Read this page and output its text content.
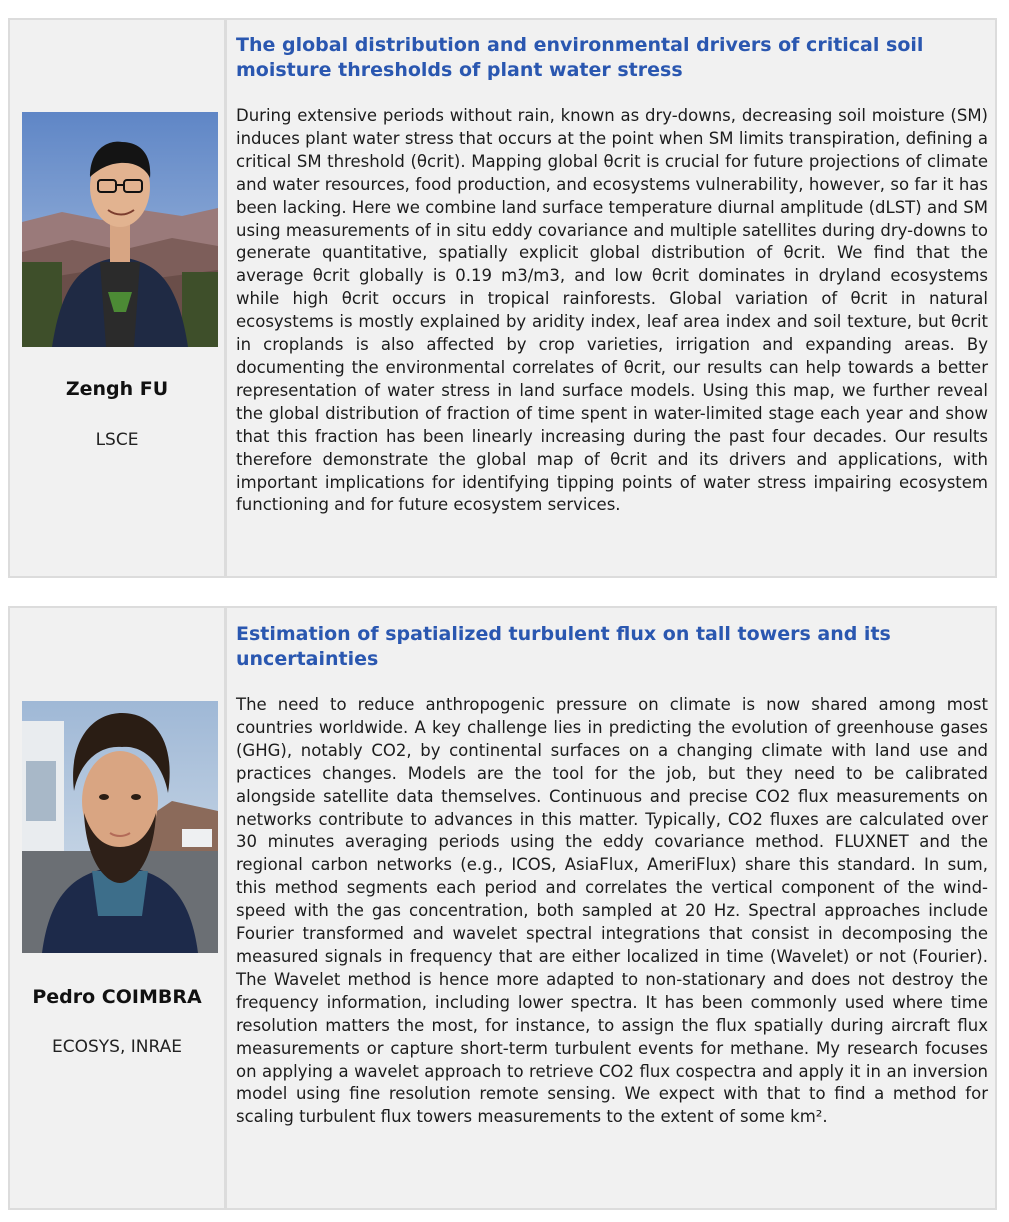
Zengh FU
LSCE
The global distribution and environmental drivers of critical soil moisture thresholds of plant water stress

During extensive periods without rain, known as dry-downs, decreasing soil moisture (SM) induces plant water stress that occurs at the point when SM limits transpiration, defining a critical SM threshold (θcrit). Mapping global θcrit is crucial for future projections of climate and water resources, food production, and ecosystems vulnerability, however, so far it has been lacking. Here we combine land surface temperature diurnal amplitude (dLST) and SM using measurements of in situ eddy covariance and multiple satellites during dry-downs to generate quantitative, spatially explicit global distribution of θcrit. We find that the average θcrit globally is 0.19 m3/m3, and low θcrit dominates in dryland ecosystems while high θcrit occurs in tropical rainforests. Global variation of θcrit in natural ecosystems is mostly explained by aridity index, leaf area index and soil texture, but θcrit in croplands is also affected by crop varieties, irrigation and expanding areas. By documenting the environmental correlates of θcrit, our results can help towards a better representation of water stress in land surface models. Using this map, we further reveal the global distribution of fraction of time spent in water-limited stage each year and show that this fraction has been linearly increasing during the past four decades. Our results therefore demonstrate the global map of θcrit and its drivers and applications, with important implications for identifying tipping points of water stress impairing ecosystem functioning and for future ecosystem services.

Pedro COIMBRA
ECOSYS, INRAE
Estimation of spatialized turbulent flux on tall towers and its uncertainties

The need to reduce anthropogenic pressure on climate is now shared among most countries worldwide. A key challenge lies in predicting the evolution of greenhouse gases (GHG), notably CO2, by continental surfaces on a changing climate with land use and practices changes. Models are the tool for the job, but they need to be calibrated alongside satellite data themselves. Continuous and precise CO2 flux measurements on networks contribute to advances in this matter. Typically, CO2 fluxes are calculated over 30 minutes averaging periods using the eddy covariance method. FLUXNET and the regional carbon networks (e.g., ICOS, AsiaFlux, AmeriFlux) share this standard. In sum, this method segments each period and correlates the vertical component of the wind-speed with the gas concentration, both sampled at 20 Hz. Spectral approaches include Fourier transformed and wavelet spectral integrations that consist in decomposing the measured signals in frequency that are either localized in time (Wavelet) or not (Fourier). The Wavelet method is hence more adapted to non-stationary and does not destroy the frequency information, including lower spectra. It has been commonly used where time resolution matters the most, for instance, to assign the flux spatially during aircraft flux measurements or capture short-term turbulent events for methane. My research focuses on applying a wavelet approach to retrieve CO2 flux cospectra and apply it in an inversion model using fine resolution remote sensing. We expect with that to find a method for scaling turbulent flux towers measurements to the extent of some km².
